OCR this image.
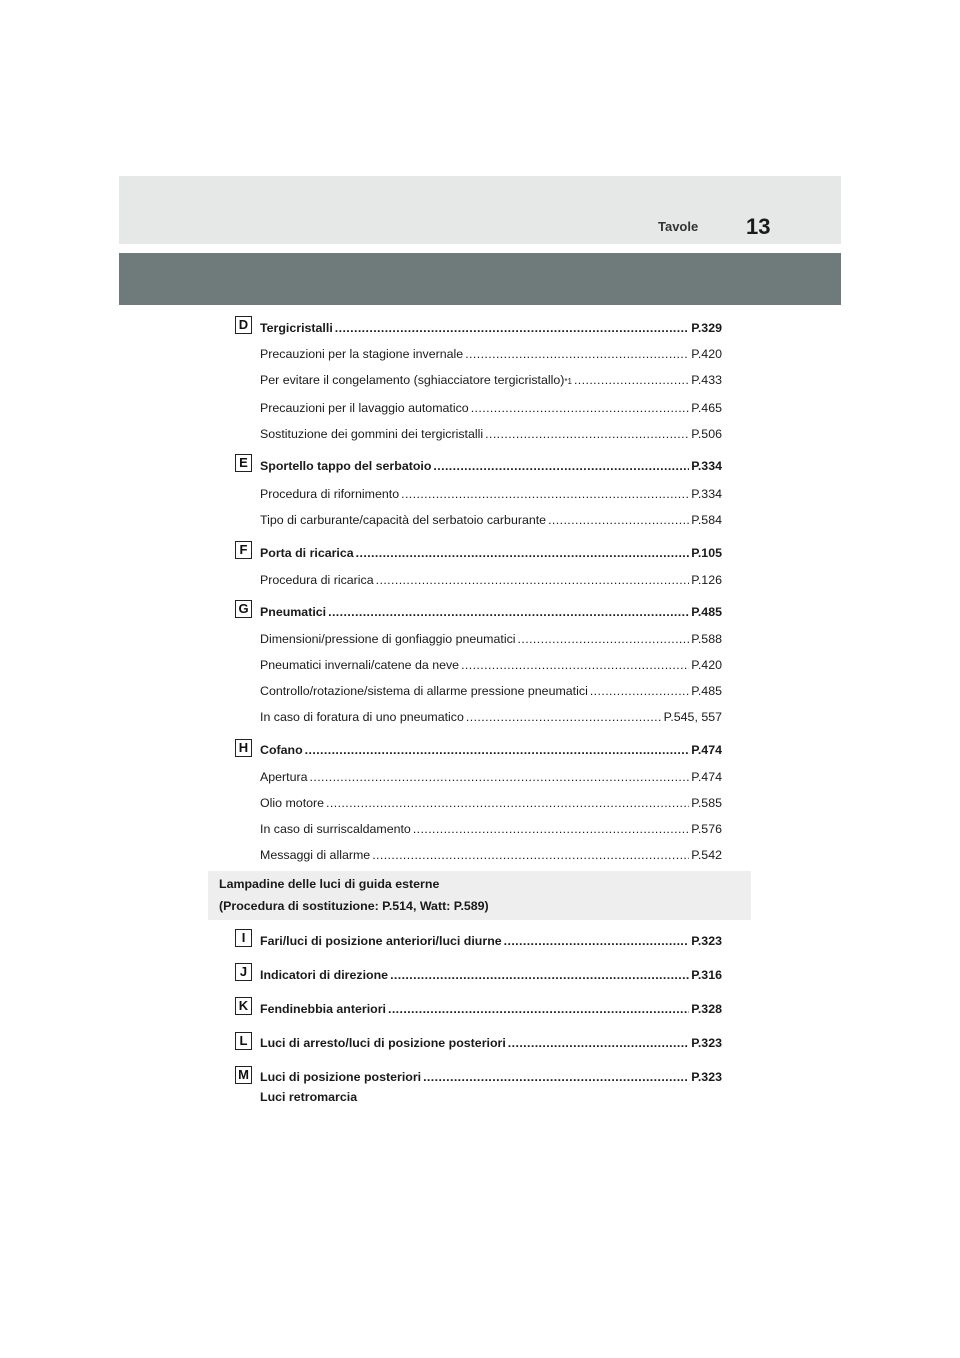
Tavole 13
D Tergicristalli .....	P.329
Precauzioni per la stagione invernale .....	P.420
Per evitare il congelamento (sghiacciatore tergicristallo) *1 .....	P.433
Precauzioni per il lavaggio automatico .....	P.465
Sostituzione dei gommini dei tergicristalli .....	P.506
E Sportello tappo del serbatoio .....	P.334
Procedura di rifornimento .....	P.334
Tipo di carburante/capacità del serbatoio carburante .....	P.584
F	Porta di ricarica .....	P.105
Procedura di ricarica .....	P.126
G Pneumatici .....	P.485
Dimensioni/pressione di gonfiaggio pneumatici .....	P.588
Pneumatici invernali/catene da neve .....	P.420
Controllo/rotazione/sistema di allarme pressione pneumatici .....	P.485
In caso di foratura di uno pneumatico .....	P.545, 557
H Cofano .....	P.474
Apertura .....	P.474
Olio motore .....	P.585
In caso di surriscaldamento .....	P.576
Messaggi di allarme .....	P.542
I	Fari/luci di posizione anteriori/luci diurne .....	P.323
J	Indicatori di direzione .....	P.316
K Fendinebbia anteriori .....	P.328
L	Luci di arresto/luci di posizione posteriori .....	P.323
M Luci di posizione posteriori .....	P.323
Luci retromarcia
Lampadine delle luci di guida esterne
(Procedura di sostituzione: P.514, Watt: P.589)
